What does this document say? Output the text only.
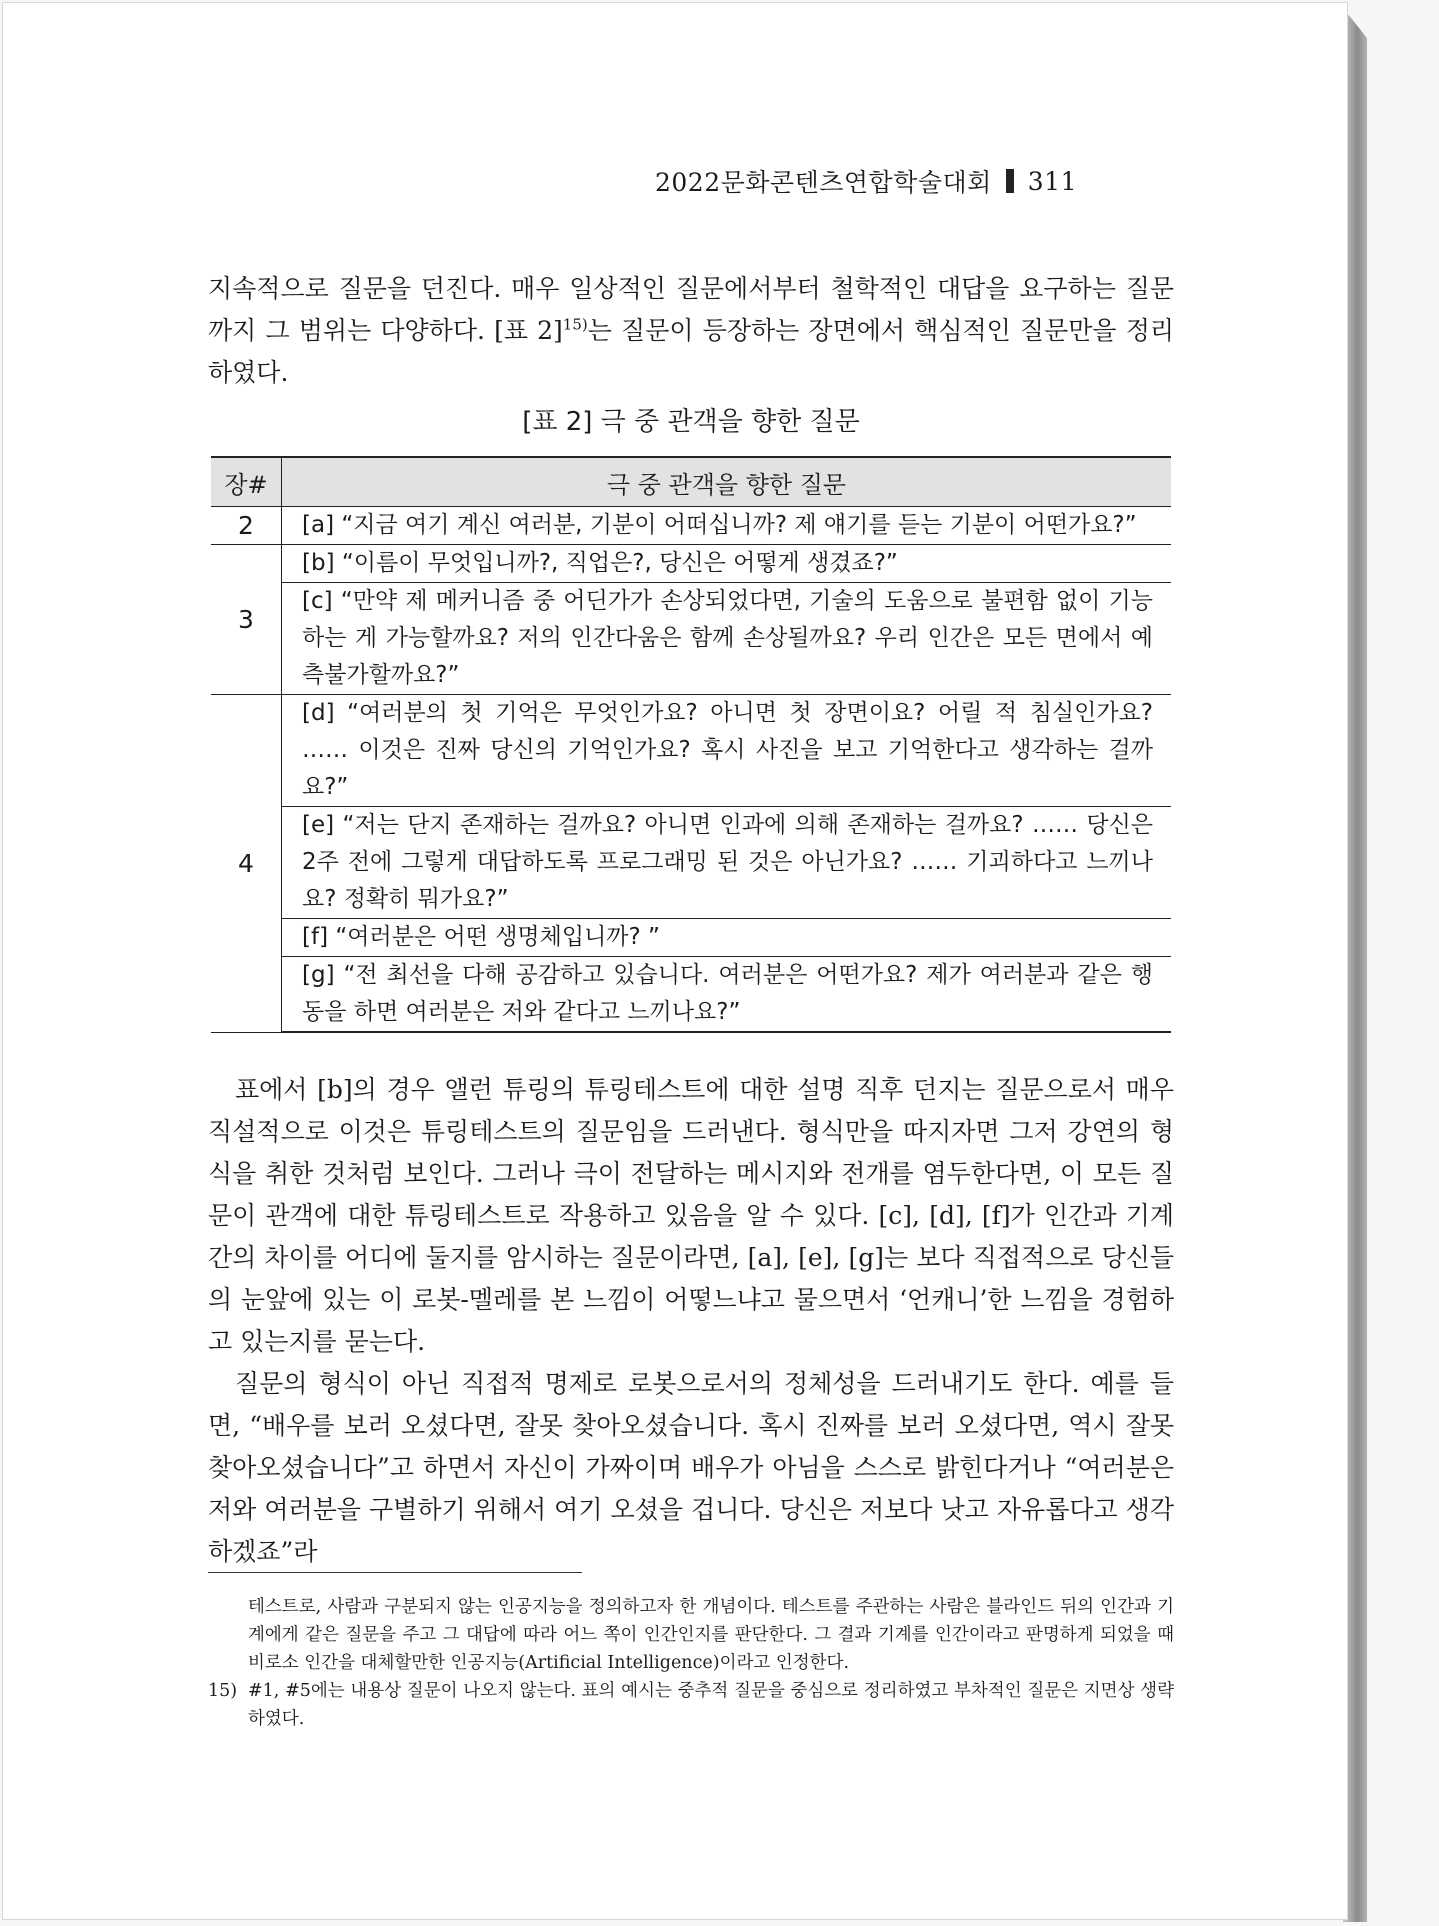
2022문화콘텐츠연합학술대회 311

지속적으로 질문을 던진다. 매우 일상적인 질문에서부터 철학적인 대답을 요구하는 질문까지 그 범위는 다양하다. [표 2]$^{15)}$는 질문이 등장하는 장면에서 핵심적인 질문만을 정리하였다.

[표 2] 극 중 관객을 향한 질문
장#	극 중 관객을 향한 질문
2	[a] “지금 여기 계신 여러분, 기분이 어떠십니까? 제 얘기를 듣는 기분이 어떤가요?”
3	[b] “이름이 무엇입니까?, 직업은?, 당신은 어떻게 생겼죠?”
	[c] “만약 제 메커니즘 중 어딘가가 손상되었다면, 기술의 도움으로 불편함 없이 기능하는 게 가능할까요? 저의 인간다움은 함께 손상될까요? 우리 인간은 모든 면에서 예측불가할까요?”
4	[d] “여러분의 첫 기억은 무엇인가요? 아니면 첫 장면이요? 어릴 적 침실인가요? …… 이것은 진짜 당신의 기억인가요? 혹시 사진을 보고 기억한다고 생각하는 걸까요?”
	[e] “저는 단지 존재하는 걸까요? 아니면 인과에 의해 존재하는 걸까요? …… 당신은 2주 전에 그렇게 대답하도록 프로그래밍 된 것은 아닌가요? …… 기괴하다고 느끼나요? 정확히 뭐가요?”
	[f] “여러분은 어떤 생명체입니까? ”
	[g] “전 최선을 다해 공감하고 있습니다. 여러분은 어떤가요? 제가 여러분과 같은 행동을 하면 여러분은 저와 같다고 느끼나요?”

표에서 [b]의 경우 앨런 튜링의 튜링테스트에 대한 설명 직후 던지는 질문으로서 매우 직설적으로 이것은 튜링테스트의 질문임을 드러낸다. 형식만을 따지자면 그저 강연의 형식을 취한 것처럼 보인다. 그러나 극이 전달하는 메시지와 전개를 염두한다면, 이 모든 질문이 관객에 대한 튜링테스트로 작용하고 있음을 알 수 있다. [c], [d], [f]가 인간과 기계 간의 차이를 어디에 둘지를 암시하는 질문이라면, [a], [e], [g]는 보다 직접적으로 당신들의 눈앞에 있는 이 로봇-멜레를 본 느낌이 어떻느냐고 물으면서 ‘언캐니’한 느낌을 경험하고 있는지를 묻는다.

질문의 형식이 아닌 직접적 명제로 로봇으로서의 정체성을 드러내기도 한다. 예를 들면, “배우를 보러 오셨다면, 잘못 찾아오셨습니다. 혹시 진짜를 보러 오셨다면, 역시 잘못 찾아오셨습니다”고 하면서 자신이 가짜이며 배우가 아님을 스스로 밝힌다거나 “여러분은 저와 여러분을 구별하기 위해서 여기 오셨을 겁니다. 당신은 저보다 낫고 자유롭다고 생각하겠죠”라

테스트로, 사람과 구분되지 않는 인공지능을 정의하고자 한 개념이다. 테스트를 주관하는 사람은 블라인드 뒤의 인간과 기계에게 같은 질문을 주고 그 대답에 따라 어느 쪽이 인간인지를 판단한다. 그 결과 기계를 인간이라고 판명하게 되었을 때 비로소 인간을 대체할만한 인공지능(Artificial Intelligence)이라고 인정한다.

15) #1, #5에는 내용상 질문이 나오지 않는다. 표의 예시는 중추적 질문을 중심으로 정리하였고 부차적인 질문은 지면상 생략하였다.
